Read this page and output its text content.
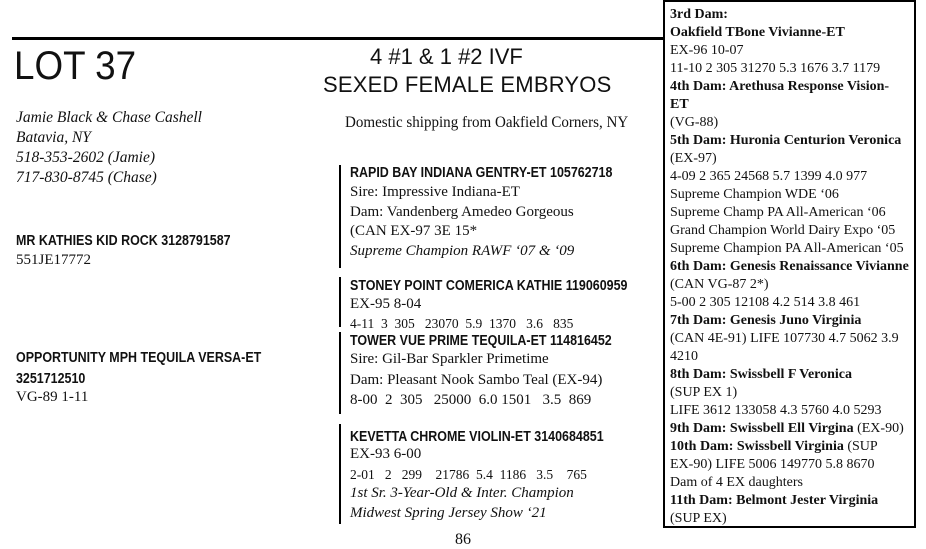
LOT 37	4 #1 & 1 #2 IVF
SEXED FEMALE EMBRYOS
Domestic shipping from Oakfield Corners, NY
Jamie Black & Chase Cashell
Batavia, NY
518-353-2602 (Jamie)
717-830-8745 (Chase)
MR KATHIES KID ROCK 3128791587
551JE17772
OPPORTUNITY MPH TEQUILA VERSA-ET
3251712510
VG-89 1-11
RAPID BAY INDIANA GENTRY-ET 105762718
Sire: Impressive Indiana-ET
Dam: Vandenberg Amedeo Gorgeous
(CAN EX-97 3E 15*
Supreme Champion RAWF ‘07 & ‘09
STONEY POINT COMERICA KATHIE 119060959
EX-95 8-04
4-11  3  305   23070  5.9  1370   3.6   835
TOWER VUE PRIME TEQUILA-ET 114816452
Sire: Gil-Bar Sparkler Primetime
Dam: Pleasant Nook Sambo Teal (EX-94)
8-00  2  305   25000  6.0 1501   3.5  869
KEVETTA CHROME VIOLIN-ET 3140684851
EX-93 6-00
2-01   2   299    21786  5.4  1186   3.5    765
1st Sr. 3-Year-Old & Inter. Champion
Midwest Spring Jersey Show ‘21
3rd Dam:
Oakfield TBone Vivianne-ET
EX-96 10-07
11-10 2 305 31270 5.3 1676 3.7 1179
4th Dam: Arethusa Response Vision-
ET
(VG-88)
5th Dam: Huronia Centurion Veronica
(EX-97)
4-09 2 365 24568 5.7 1399 4.0 977
Supreme Champion WDE ‘06
Supreme Champ PA All-American ‘06
Grand Champion World Dairy Expo ‘05
Supreme Champion PA All-American ‘05
6th Dam: Genesis Renaissance Vivianne
(CAN VG-87 2*)
5-00 2 305 12108 4.2 514 3.8 461
7th Dam: Genesis Juno Virginia
(CAN 4E-91) LIFE 107730 4.7 5062 3.9
4210
8th Dam: Swissbell F Veronica
(SUP EX 1)
LIFE 3612 133058 4.3 5760 4.0 5293
9th Dam: Swissbell Ell Virgina (EX-90)
10th Dam: Swissbell Virginia (SUP
EX-90) LIFE 5006 149770 5.8 8670
Dam of 4 EX daughters
11th Dam: Belmont Jester Virginia
(SUP EX)
86
